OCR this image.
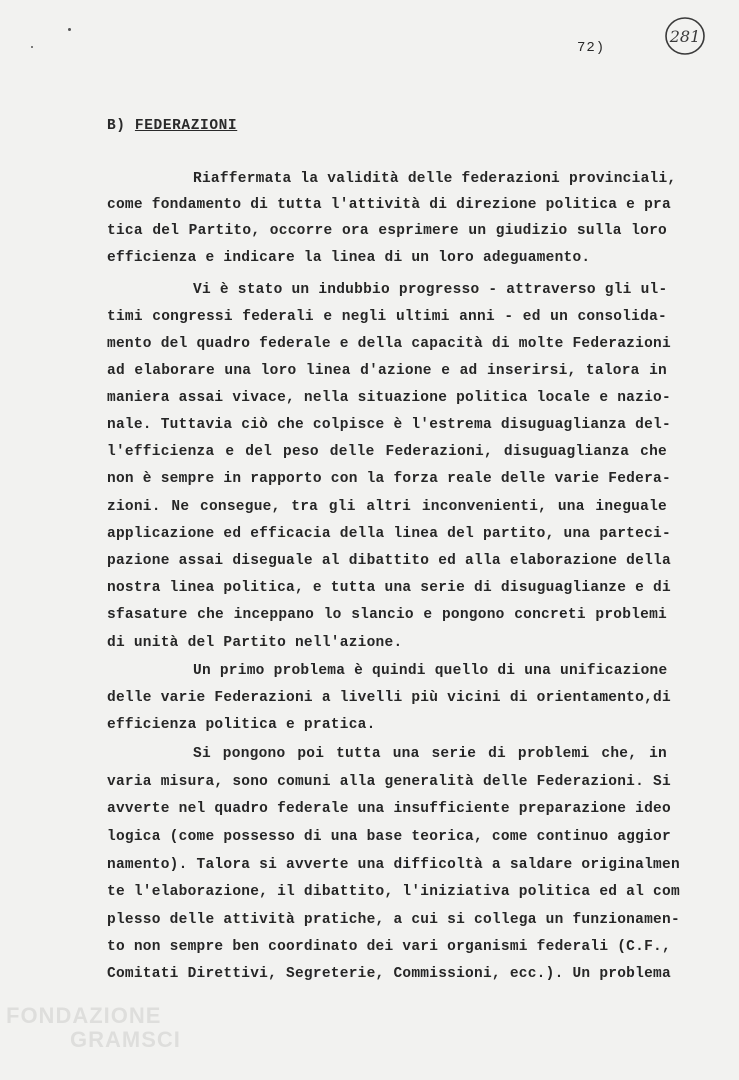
72)
281
B) FEDERAZIONI
Riaffermata la validità delle federazioni provinciali,
come fondamento di tutta l'attività di direzione politica e pra
tica del Partito, occorre ora esprimere un giudizio sulla loro
efficienza e indicare la linea di un loro adeguamento.
Vi è stato un indubbio progresso - attraverso gli ul-
timi congressi federali e negli ultimi anni - ed un consolida-
mento del quadro federale e della capacità di molte Federazioni
ad elaborare una loro linea d'azione e ad inserirsi, talora in
maniera assai vivace, nella situazione politica locale e nazio-
nale. Tuttavia ciò che colpisce è l'estrema disuguaglianza del-
l'efficienza e del peso delle Federazioni, disuguaglianza che
non è sempre in rapporto con la forza reale delle varie Federa-
zioni. Ne consegue, tra gli altri inconvenienti, una ineguale
applicazione ed efficacia della linea del partito, una parteci-
pazione assai diseguale al dibattito ed alla elaborazione della
nostra linea politica, e tutta una serie di disuguaglianze e di
sfasature che inceppano lo slancio e pongono concreti problemi
di unità del Partito nell'azione.
Un primo problema è quindi quello di una unificazione
delle varie Federazioni a livelli più vicini di orientamento,di
efficienza politica e pratica.
Si pongono poi tutta una serie di problemi che, in
varia misura, sono comuni alla generalità delle Federazioni. Si
avverte nel quadro federale una insufficiente preparazione ideo
logica (come possesso di una base teorica, come continuo aggior
namento). Talora si avverte una difficoltà a saldare originalmen
te l'elaborazione, il dibattito, l'iniziativa politica ed al com
plesso delle attività pratiche, a cui si collega un funzionamen-
to non sempre ben coordinato dei vari organismi federali (C.F.,
Comitati Direttivi, Segreterie, Commissioni, ecc.). Un problema
FONDAZIONE
GRAMSCI
